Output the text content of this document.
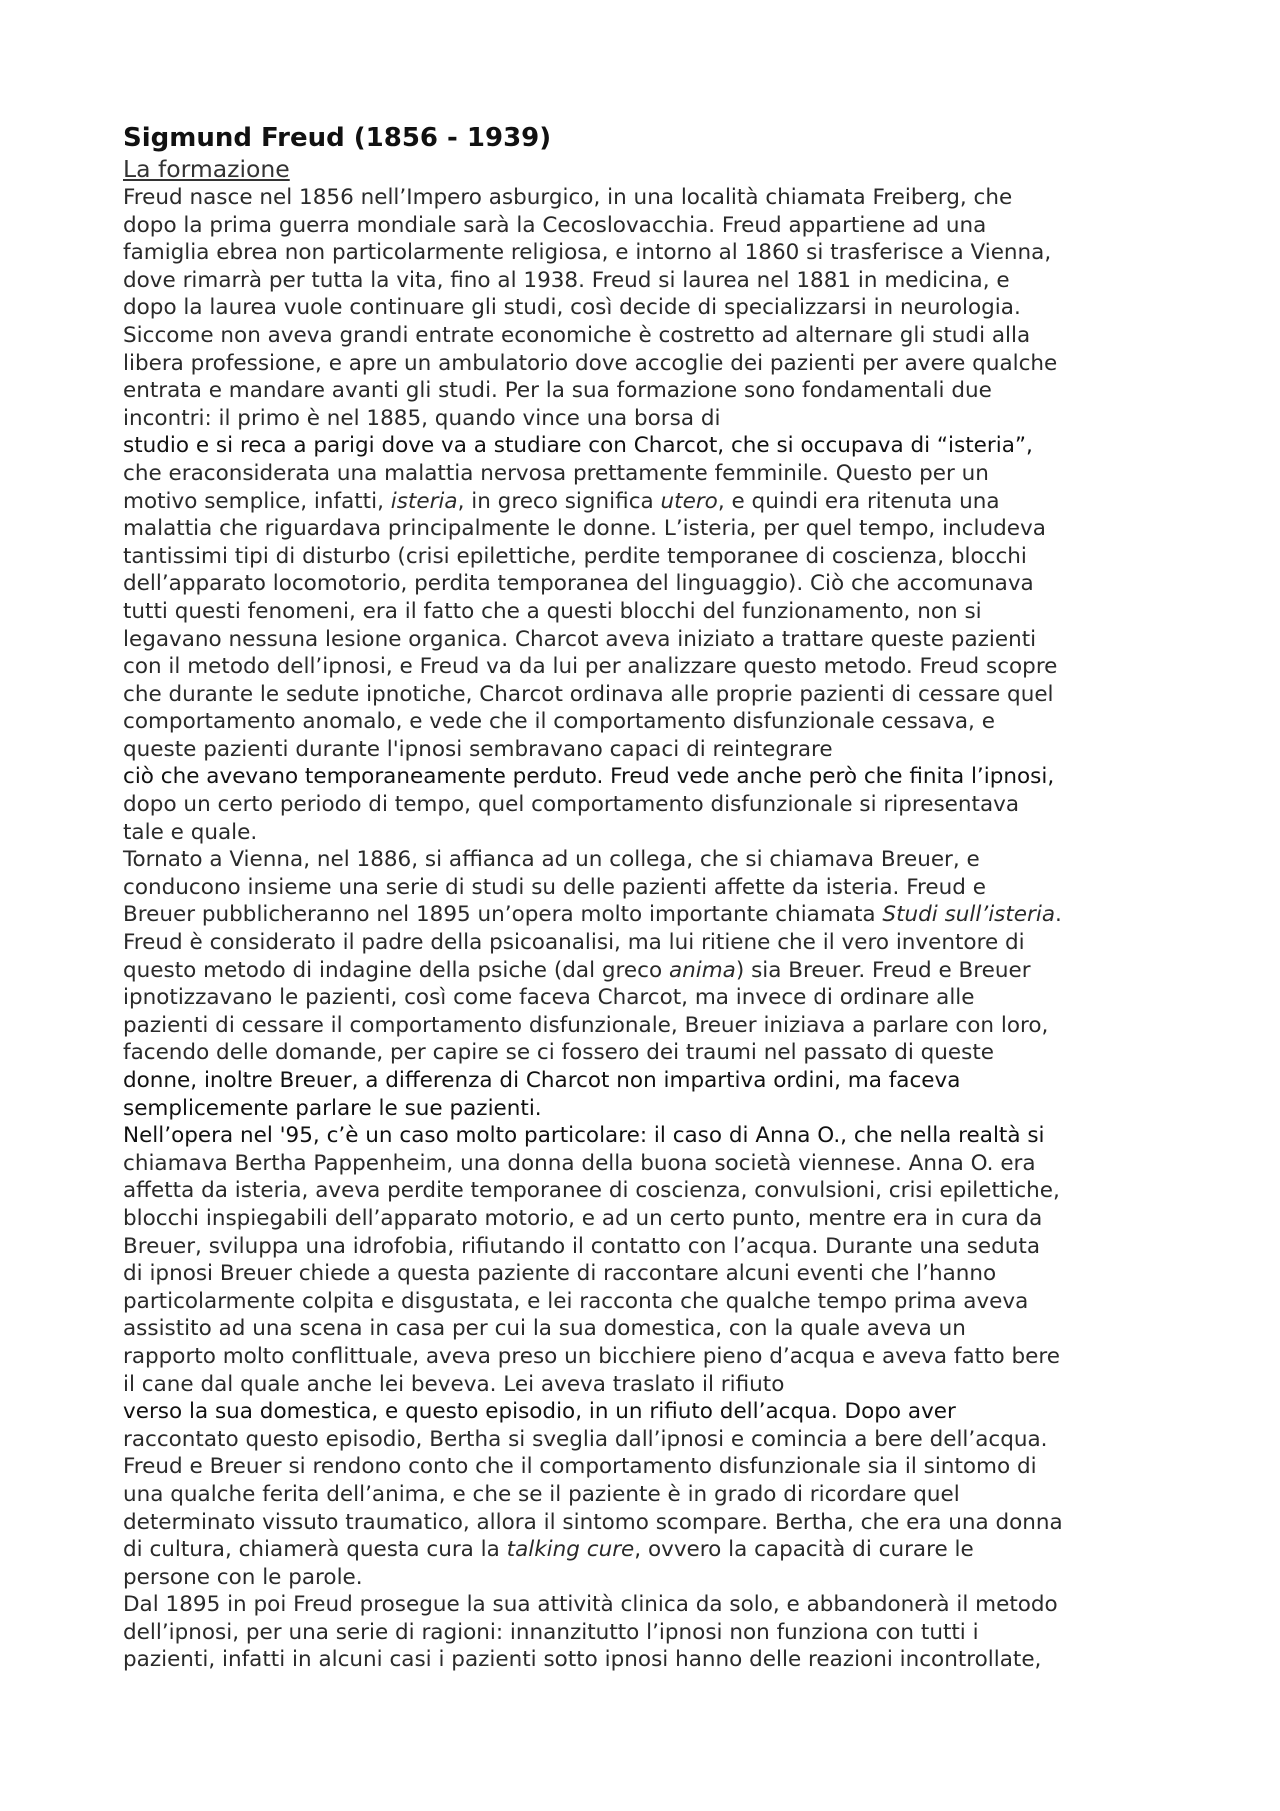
Sigmund Freud (1856 - 1939)

La formazione

Freud nasce nel 1856 nell’Impero asburgico, in una località chiamata Freiberg, che
dopo la prima guerra mondiale sarà la Cecoslovacchia. Freud appartiene ad una
famiglia ebrea non particolarmente religiosa, e intorno al 1860 si trasferisce a Vienna,
dove rimarrà per tutta la vita, fino al 1938. Freud si laurea nel 1881 in medicina, e
dopo la laurea vuole continuare gli studi, così decide di specializzarsi in neurologia.
Siccome non aveva grandi entrate economiche è costretto ad alternare gli studi alla
libera professione, e apre un ambulatorio dove accoglie dei pazienti per avere qualche
entrata e mandare avanti gli studi. Per la sua formazione sono fondamentali due
incontri: il primo è nel 1885, quando vince una borsa di
studio e si reca a parigi dove va a studiare con Charcot, che si occupava di “isteria”,
che eraconsiderata una malattia nervosa prettamente femminile. Questo per un
motivo semplice, infatti, isteria, in greco significa utero, e quindi era ritenuta una
malattia che riguardava principalmente le donne. L’isteria, per quel tempo, includeva
tantissimi tipi di disturbo (crisi epilettiche, perdite temporanee di coscienza, blocchi
dell’apparato locomotorio, perdita temporanea del linguaggio). Ciò che accomunava
tutti questi fenomeni, era il fatto che a questi blocchi del funzionamento, non si
legavano nessuna lesione organica. Charcot aveva iniziato a trattare queste pazienti
con il metodo dell’ipnosi, e Freud va da lui per analizzare questo metodo. Freud scopre
che durante le sedute ipnotiche, Charcot ordinava alle proprie pazienti di cessare quel
comportamento anomalo, e vede che il comportamento disfunzionale cessava, e
queste pazienti durante l'ipnosi sembravano capaci di reintegrare
ciò che avevano temporaneamente perduto. Freud vede anche però che finita l’ipnosi,
dopo un certo periodo di tempo, quel comportamento disfunzionale si ripresentava
tale e quale.

Tornato a Vienna, nel 1886, si affianca ad un collega, che si chiamava Breuer, e
conducono insieme una serie di studi su delle pazienti affette da isteria. Freud e
Breuer pubblicheranno nel 1895 un’opera molto importante chiamata Studi sull’isteria.
Freud è considerato il padre della psicoanalisi, ma lui ritiene che il vero inventore di
questo metodo di indagine della psiche (dal greco anima) sia Breuer. Freud e Breuer
ipnotizzavano le pazienti, così come faceva Charcot, ma invece di ordinare alle
pazienti di cessare il comportamento disfunzionale, Breuer iniziava a parlare con loro,
facendo delle domande, per capire se ci fossero dei traumi nel passato di queste
donne, inoltre Breuer, a differenza di Charcot non impartiva ordini, ma faceva
semplicemente parlare le sue pazienti.

Nell’opera nel '95, c’è un caso molto particolare: il caso di Anna O., che nella realtà si
chiamava Bertha Pappenheim, una donna della buona società viennese. Anna O. era
affetta da isteria, aveva perdite temporanee di coscienza, convulsioni, crisi epilettiche,
blocchi inspiegabili dell’apparato motorio, e ad un certo punto, mentre era in cura da
Breuer, sviluppa una idrofobia, rifiutando il contatto con l’acqua. Durante una seduta
di ipnosi Breuer chiede a questa paziente di raccontare alcuni eventi che l’hanno
particolarmente colpita e disgustata, e lei racconta che qualche tempo prima aveva
assistito ad una scena in casa per cui la sua domestica, con la quale aveva un
rapporto molto conflittuale, aveva preso un bicchiere pieno d’acqua e aveva fatto bere
il cane dal quale anche lei beveva. Lei aveva traslato il rifiuto
verso la sua domestica, e questo episodio, in un rifiuto dell’acqua. Dopo aver
raccontato questo episodio, Bertha si sveglia dall’ipnosi e comincia a bere dell’acqua.
Freud e Breuer si rendono conto che il comportamento disfunzionale sia il sintomo di
una qualche ferita dell’anima, e che se il paziente è in grado di ricordare quel
determinato vissuto traumatico, allora il sintomo scompare. Bertha, che era una donna
di cultura, chiamerà questa cura la talking cure, ovvero la capacità di curare le
persone con le parole.

Dal 1895 in poi Freud prosegue la sua attività clinica da solo, e abbandonerà il metodo
dell’ipnosi, per una serie di ragioni: innanzitutto l’ipnosi non funziona con tutti i
pazienti, infatti in alcuni casi i pazienti sotto ipnosi hanno delle reazioni incontrollate,
